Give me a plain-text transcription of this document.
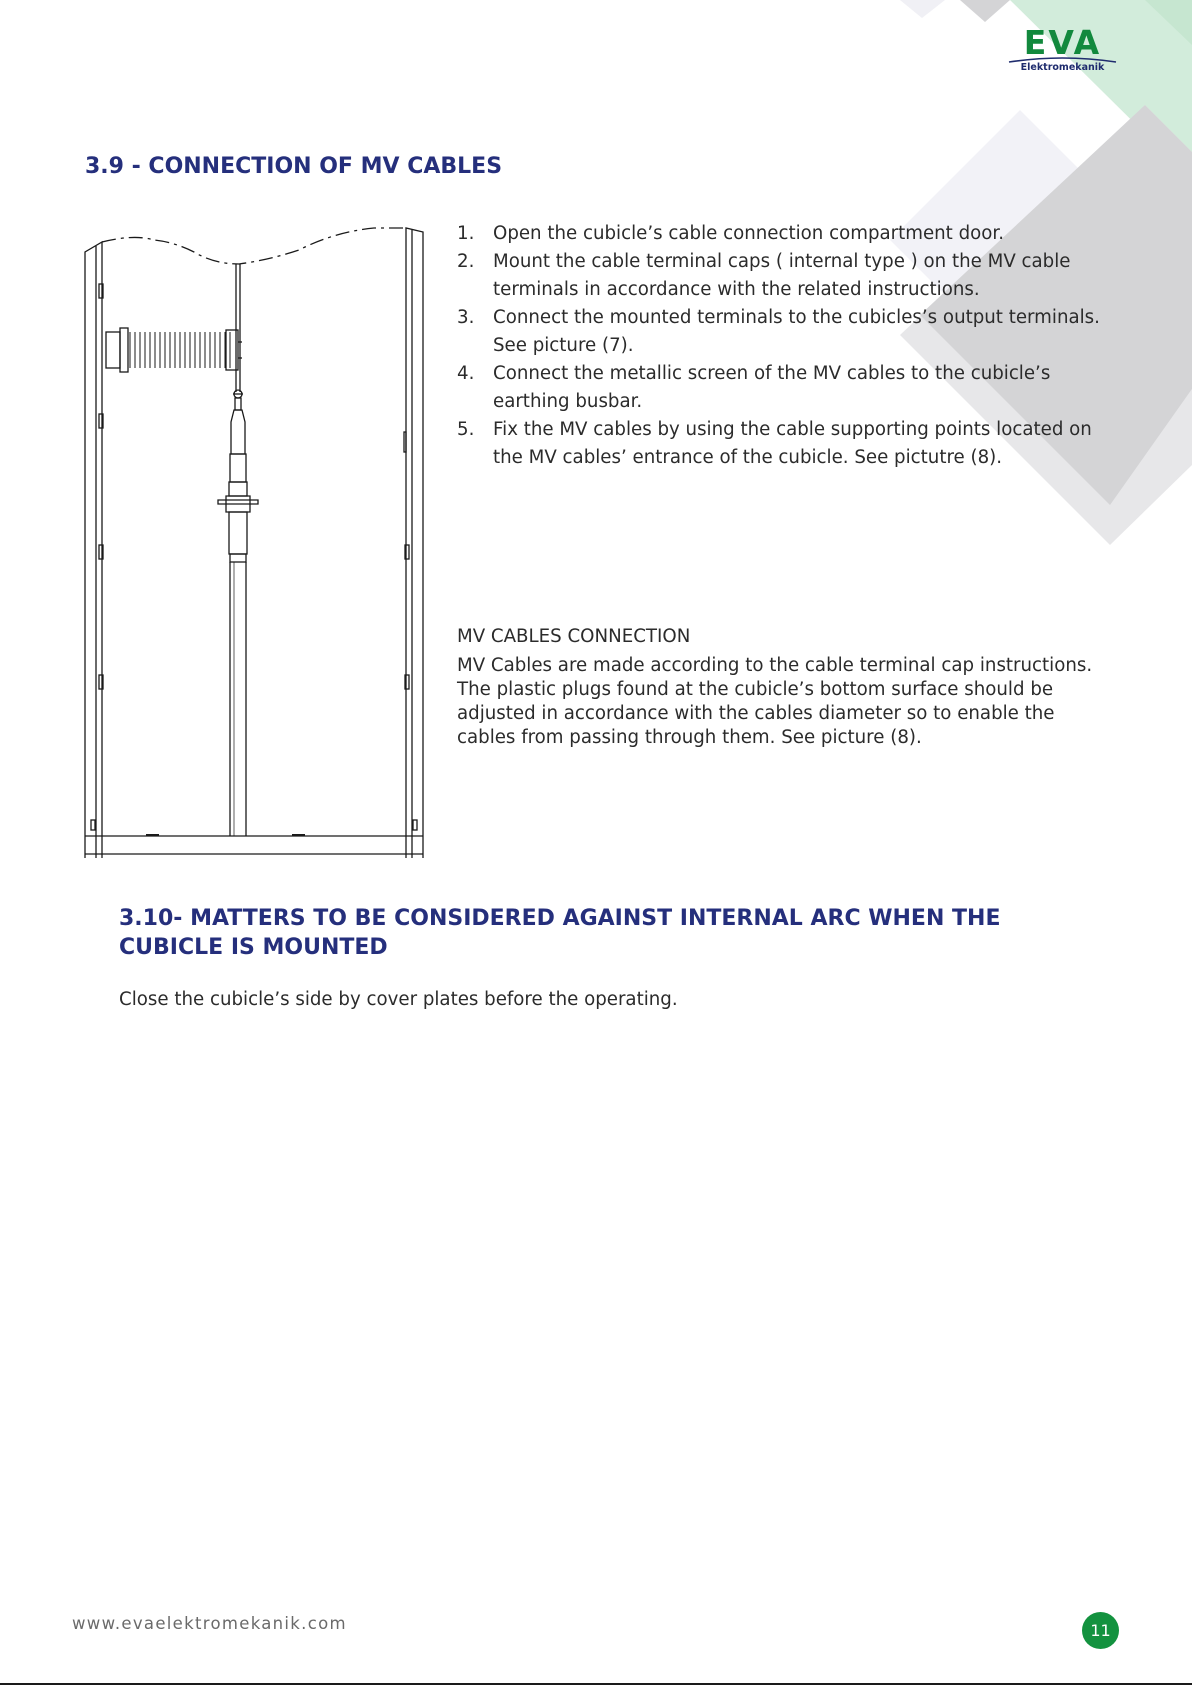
EVA
Elektromekanik
3.9 - CONNECTION OF MV CABLES
1. Open the cubicle’s cable connection compartment door.
2. Mount the cable terminal caps ( internal type ) on the MV cable terminals in accordance with the related instructions.
3. Connect the mounted terminals to the cubicles’s output terminals. See picture (7).
4. Connect the metallic screen of the MV cables to the cubicle’s earthing busbar.
5. Fix the MV cables by using the cable supporting points located on the MV cables’ entrance of the cubicle. See pictutre (8).
MV CABLES CONNECTION

MV Cables are made according to the cable terminal cap instructions. The plastic plugs found at the cubicle’s bottom surface should be adjusted in accordance with the cables diameter so to enable the cables from passing through them. See picture (8).

3.10- MATTERS TO BE CONSIDERED AGAINST INTERNAL ARC WHEN THE CUBICLE IS MOUNTED

Close the cubicle’s side by cover plates before the operating.

www.evaelektromekanik.com	11
